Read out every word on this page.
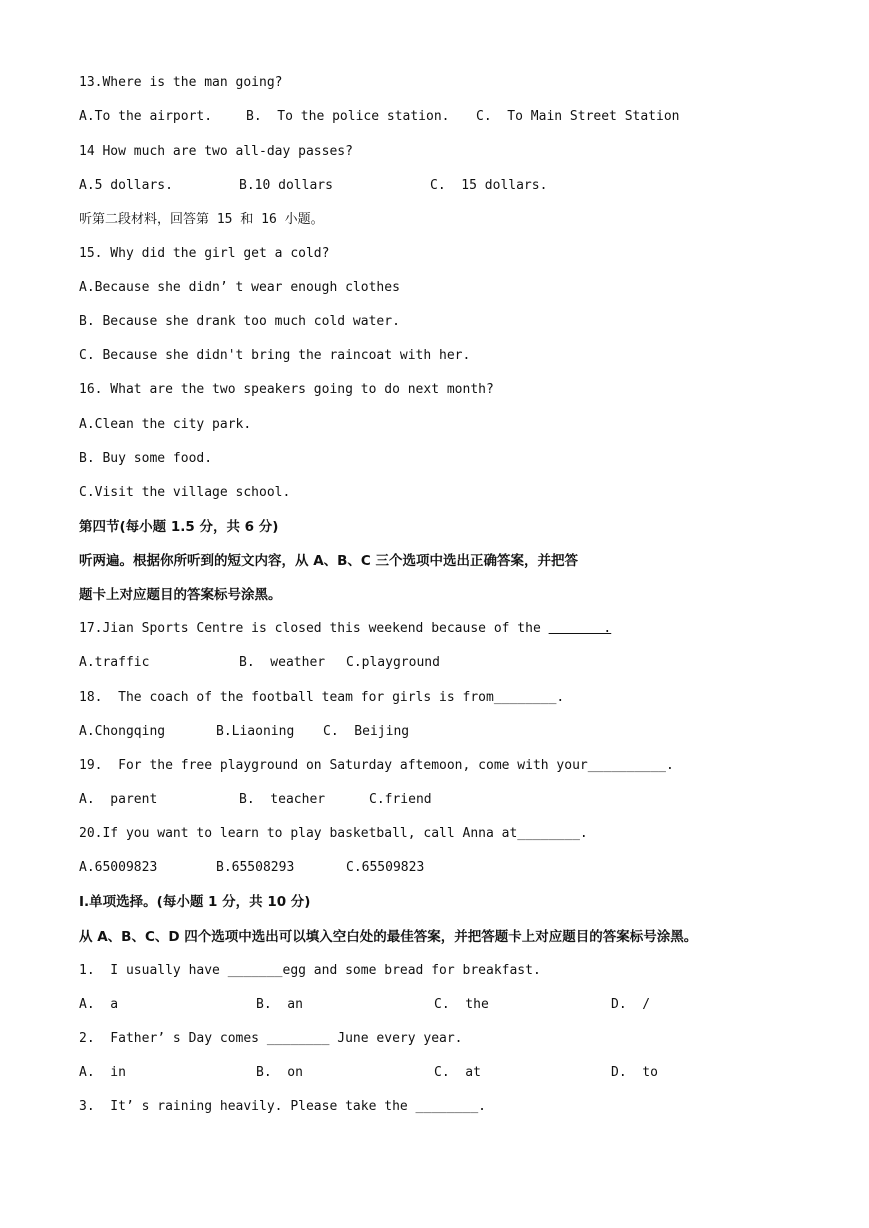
13.Where is the man going?
A.To the airport.	B.  To the police station. C.  To Main Street Station
14 How much are two all-day passes?
A.5 dollars.	B.10 dollars	C.  15 dollars.
听第二段材料，回答第 15 和 16 小题。
15. Why did the girl get a cold?
A.Because she didn’ t wear enough clothes
B. Because she drank too much cold water.
C. Because she didn't bring the raincoat with her.
16. What are the two speakers going to do next month?
A.Clean the city park.
B. Buy some food.
C.Visit the village school.
第四节(每小题 1.5 分，共 6 分)
听两遍。根据你所听到的短文内容，从 A、B、C 三个选项中选出正确答案，并把答
题卡上对应题目的答案标号涂黑。
17.Jian Sports Centre is closed this weekend because of the        .
A.traffic	B.  weather C.playground
18.  The coach of the football team for girls is from________.
A.Chongqing	B.Liaoning C.  Beijing
19.  For the free playground on Saturday aftemoon, come with your__________.
A.  parent	B.  teacher	C.friend
20.If you want to learn to play basketball, call Anna at________.
A.65009823	B.65508293	C.65509823
I.单项选择。(每小题 1 分，共 10 分)
从 A、B、C、D 四个选项中选出可以填入空白处的最佳答案，并把答题卡上对应题目的答案标号涂黑。
1.  I usually have _______egg and some bread for breakfast.
A.  a	B.  an	C.  the	D.  /
2.  Father’ s Day comes ________ June every year.
A.  in	B.  on	C.  at	D.  to
3.  It’ s raining heavily. Please take the ________.
